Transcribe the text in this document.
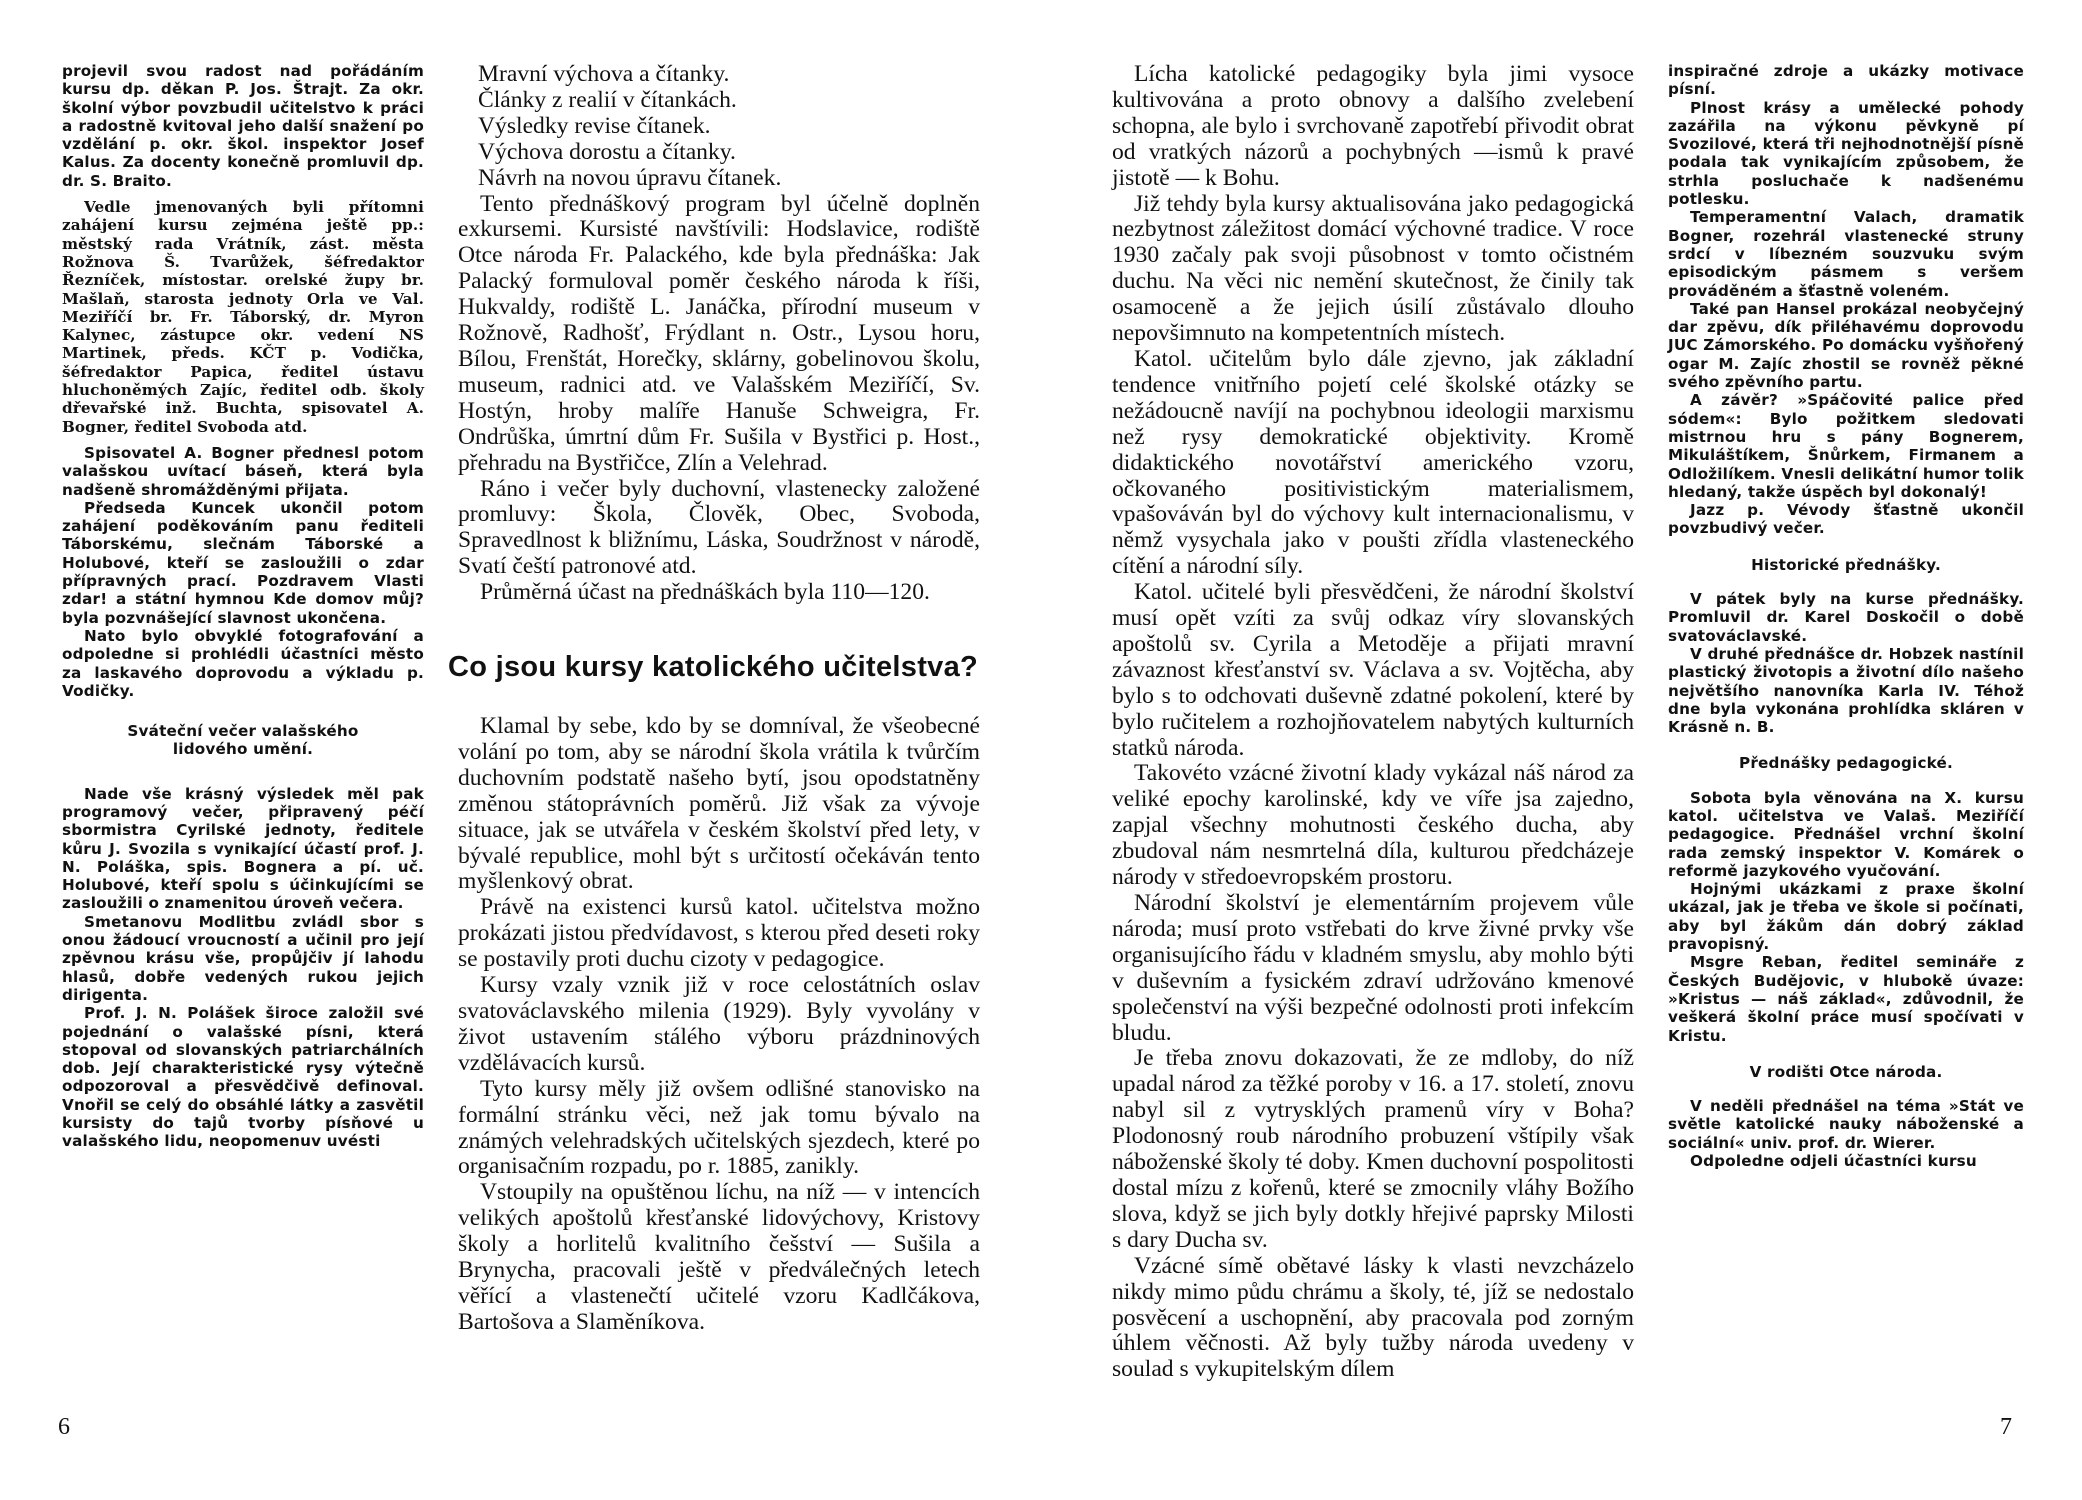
projevil svou radost nad pořádáním kursu dp. děkan P. Jos. Štrajt. Za okr. školní výbor povzbudil učitelstvo k práci a radostně kvitoval jeho další snažení po vzdělání p. okr. škol. inspektor Josef Kalus. Za docenty konečně promluvil dp. dr. S. Braito.

Vedle jmenovaných byli přítomni zahájení kursu zejména ještě pp.: městský rada Vrátník, zást. města Rožnova Š. Tvarůžek, šéfredaktor Řezníček, místostar. orelské župy br. Mašlaň, starosta jednoty Orla ve Val. Meziříčí br. Fr. Táborský, dr. Myron Kalynec, zástupce okr. vedení NS Martinek, předs. KČT p. Vodička, šéfredaktor Papica, ředitel ústavu hluchoněmých Zajíc, ředitel odb. školy dřevařské inž. Buchta, spisovatel A. Bogner, ředitel Svoboda atd.

Spisovatel A. Bogner přednesl potom valašskou uvítací báseň, která byla nadšeně shromážděnými přijata.

Předseda Kuncek ukončil potom zahájení poděkováním panu řediteli Táborskému, slečnám Táborské a Holubové, kteří se zasloužili o zdar přípravných prací. Pozdravem Vlasti zdar! a státní hymnou Kde domov můj? byla pozvnášející slavnost ukončena.

Nato bylo obvyklé fotografování a odpoledne si prohlédli účastníci město za laskavého doprovodu a výkladu p. Vodičky.

Sváteční večer valašského lidového umění.

Nade vše krásný výsledek měl pak programový večer, připravený péčí sbormistra Cyrilské jednoty, ředitele kůru J. Svozila s vynikající účastí prof. J. N. Poláška, spis. Bognera a pí. uč. Holubové, kteří spolu s účinkujícími se zasloužili o znamenitou úroveň večera.

Smetanovu Modlitbu zvládl sbor s onou žádoucí vroucností a učinil pro její zpěvnou krásu vše, propůjčiv jí lahodu hlasů, dobře vedených rukou jejich dirigenta.

Prof. J. N. Polášek široce založil své pojednání o valašské písni, která stopoval od slovanských patriarchálních dob. Její charakteristické rysy výtečně odpozoroval a přesvědčivě definoval. Vnořil se celý do obsáhlé látky a zasvětil kursisty do tajů tvorby písňové u valašského lidu, neopomenuv uvésti

Mravní výchova a čítanky.
Články z realií v čítankách.
Výsledky revise čítanek.
Výchova dorostu a čítanky.
Návrh na novou úpravu čítanek.

Tento přednáškový program byl účelně doplněn exkursemi. Kursisté navštívili: Hodslavice, rodiště Otce národa Fr. Palackého, kde byla přednáška: Jak Palacký formuloval poměr českého národa k říši, Hukvaldy, rodiště L. Janáčka, přírodní museum v Rožnově, Radhošť, Frýdlant n. Ostr., Lysou horu, Bílou, Frenštát, Horečky, sklárny, gobelinovou školu, museum, radnici atd. ve Valašském Meziříčí, Sv. Hostýn, hroby malíře Hanuše Schweigra, Fr. Ondrůška, úmrtní dům Fr. Sušila v Bystřici p. Host., přehradu na Bystřičce, Zlín a Velehrad.

Ráno i večer byly duchovní, vlastenecky založené promluvy: Škola, Člověk, Obec, Svoboda, Spravedlnost k bližnímu, Láska, Soudržnost v národě, Svatí čeští patronové atd.

Průměrná účast na přednáškách byla 110—120.

Co jsou kursy katolického učitelstva?

Klamal by sebe, kdo by se domníval, že všeobecné volání po tom, aby se národní škola vrátila k tvůrčím duchovním podstatě našeho bytí, jsou opodstatněny změnou státoprávních poměrů. Již však za vývoje situace, jak se utvářela v českém školství před lety, v bývalé republice, mohl být s určitostí očekáván tento myšlenkový obrat.

Právě na existenci kursů katol. učitelstva možno prokázati jistou předvídavost, s kterou před deseti roky se postavily proti duchu cizoty v pedagogice.

Kursy vzaly vznik již v roce celostátních oslav svatováclavského milenia (1929). Byly vyvolány v život ustavením stálého výboru prázdninových vzdělávacích kursů.

Tyto kursy měly již ovšem odlišné stanovisko na formální stránku věci, než jak tomu bývalo na známých velehradských učitelských sjezdech, které po organisačním rozpadu, po r. 1885, zanikly.

Vstoupily na opuštěnou líchu, na níž — v intencích velikých apoštolů křesťanské lidovýchovy, Kristovy školy a horlitelů kvalitního češství — Sušila a Brynycha, pracovali ještě v předválečných letech věřící a vlastenečtí učitelé vzoru Kadlčákova, Bartošova a Slaměníkova.

6

Lícha katolické pedagogiky byla jimi vysoce kultivována a proto obnovy a dalšího zvelebení schopna, ale bylo i svrchovaně zapotřebí přivodit obrat od vratkých názorů a pochybných —ismů k pravé jistotě — k Bohu.

Již tehdy byla kursy aktualisována jako pedagogická nezbytnost záležitost domácí výchovné tradice. V roce 1930 začaly pak svoji působnost v tomto očistném duchu. Na věci nic nemění skutečnost, že činily tak osamoceně a že jejich úsilí zůstávalo dlouho nepovšimnuto na kompetentních místech.

Katol. učitelům bylo dále zjevno, jak základní tendence vnitřního pojetí celé školské otázky se nežádoucně navíjí na pochybnou ideologii marxismu než rysy demokratické objektivity. Kromě didaktického novotářství amerického vzoru, očkovaného positivistickým materialismem, vpašováván byl do výchovy kult internacionalismu, v němž vysychala jako v poušti zřídla vlasteneckého cítění a národní síly.

Katol. učitelé byli přesvědčeni, že národní školství musí opět vzíti za svůj odkaz víry slovanských apoštolů sv. Cyrila a Metoděje a přijati mravní závaznost křesťanství sv. Václava a sv. Vojtěcha, aby bylo s to odchovati duševně zdatné pokolení, které by bylo ručitelem a rozhojňovatelem nabytých kulturních statků národa.

Takovéto vzácné životní klady vykázal náš národ za veliké epochy karolinské, kdy ve víře jsa zajedno, zapjal všechny mohutnosti českého ducha, aby zbudoval nám nesmrtelná díla, kulturou předcházeje národy v středoevropském prostoru.

Národní školství je elementárním projevem vůle národa; musí proto vstřebati do krve živné prvky vše organisujícího řádu v kladném smyslu, aby mohlo býti v duševním a fysickém zdraví udržováno kmenové společenství na výši bezpečné odolnosti proti infekcím bludu.

Je třeba znovu dokazovati, že ze mdloby, do níž upadal národ za těžké poroby v 16. a 17. století, znovu nabyl sil z vytrysklých pramenů víry v Boha? Plodonosný roub národního probuzení vštípily však náboženské školy té doby. Kmen duchovní pospolitosti dostal mízu z kořenů, které se zmocnily vláhy Božího slova, když se jich byly dotkly hřejivé paprsky Milosti s dary Ducha sv.

Vzácné símě obětavé lásky k vlasti nevzcházelo nikdy mimo půdu chrámu a školy, té, jíž se nedostalo posvěcení a uschopnění, aby pracovala pod zorným úhlem věčnosti. Až byly tužby národa uvedeny v soulad s vykupitelským dílem

inspiračné zdroje a ukázky motivace písní.

Plnost krásy a umělecké pohody zazářila na výkonu pěvkyně pí Svozilové, která tři nejhodnotnější písně podala tak vynikajícím způsobem, že strhla posluchače k nadšenému potlesku.

Temperamentní Valach, dramatik Bogner, rozehrál vlastenecké struny srdcí v líbezném souzvuku svým episodickým pásmem s veršem prováděném a šťastně voleném.

Také pan Hansel prokázal neobyčejný dar zpěvu, dík přiléhavému doprovodu JUC Zámorského. Po domácku vyšňořený ogar M. Zajíc zhostil se rovněž pěkné svého zpěvního partu.

A závěr? »Spáčovité palice před sódem«: Bylo požitkem sledovati mistrnou hru s pány Bognerem, Mikuláštíkem, Šnůrkem, Firmanem a Odložilíkem. Vnesli delikátní humor tolik hledaný, takže úspěch byl dokonalý!

Jazz p. Vévody šťastně ukončil povzbudivý večer.

Historické přednášky.

V pátek byly na kurse přednášky. Promluvil dr. Karel Doskočil o době svatováclavské.

V druhé přednášce dr. Hobzek nastínil plastický životopis a životní dílo našeho největšího nanovníka Karla IV. Téhož dne byla vykonána prohlídka skláren v Krásně n. B.

Přednášky pedagogické.

Sobota byla věnována na X. kursu katol. učitelstva ve Valaš. Meziříčí pedagogice. Přednášel vrchní školní rada zemský inspektor V. Komárek o reformě jazykového vyučování.

Hojnými ukázkami z praxe školní ukázal, jak je třeba ve škole si počínati, aby byl žákům dán dobrý základ pravopisný.

Msgre Reban, ředitel semináře z Českých Budějovic, v hlubokě úvaze: »Kristus — náš základ«, zdůvodnil, že veškerá školní práce musí spočívati v Kristu.

V rodišti Otce národa.

V neděli přednášel na téma »Stát ve světle katolické nauky náboženské a sociální« univ. prof. dr. Wierer.

Odpoledne odjeli účastníci kursu

7
